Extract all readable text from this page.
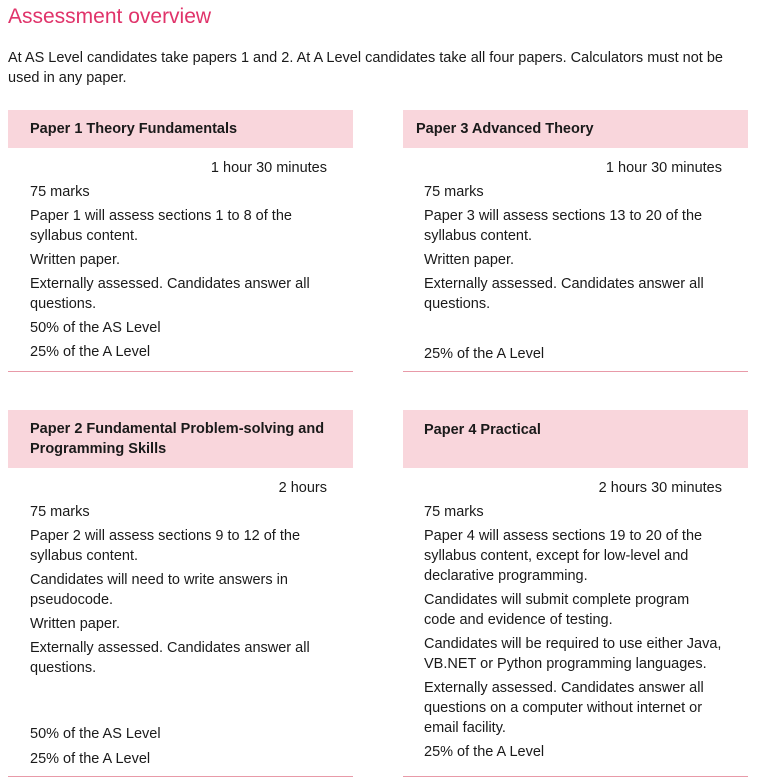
Assessment overview
At AS Level candidates take papers 1 and 2. At A Level candidates take all four papers. Calculators must not be used in any paper.
Paper 1 Theory Fundamentals
1 hour 30 minutes
75 marks
Paper 1 will assess sections 1 to 8 of the syllabus content.
Written paper.
Externally assessed. Candidates answer all questions.
50% of the AS Level
25% of the A Level
Paper 3 Advanced Theory
1 hour 30 minutes
75 marks
Paper 3 will assess sections 13 to 20 of the syllabus content.
Written paper.
Externally assessed. Candidates answer all questions.
25% of the A Level
Paper 2 Fundamental Problem-solving and Programming Skills
2 hours
75 marks
Paper 2 will assess sections 9 to 12 of the syllabus content.
Candidates will need to write answers in pseudocode.
Written paper.
Externally assessed. Candidates answer all questions.
50% of the AS Level
25% of the A Level
Paper 4 Practical
2 hours 30 minutes
75 marks
Paper 4 will assess sections 19 to 20 of the syllabus content, except for low-level and declarative programming.
Candidates will submit complete program code and evidence of testing.
Candidates will be required to use either Java, VB.NET or Python programming languages.
Externally assessed. Candidates answer all questions on a computer without internet or email facility.
25% of the A Level
